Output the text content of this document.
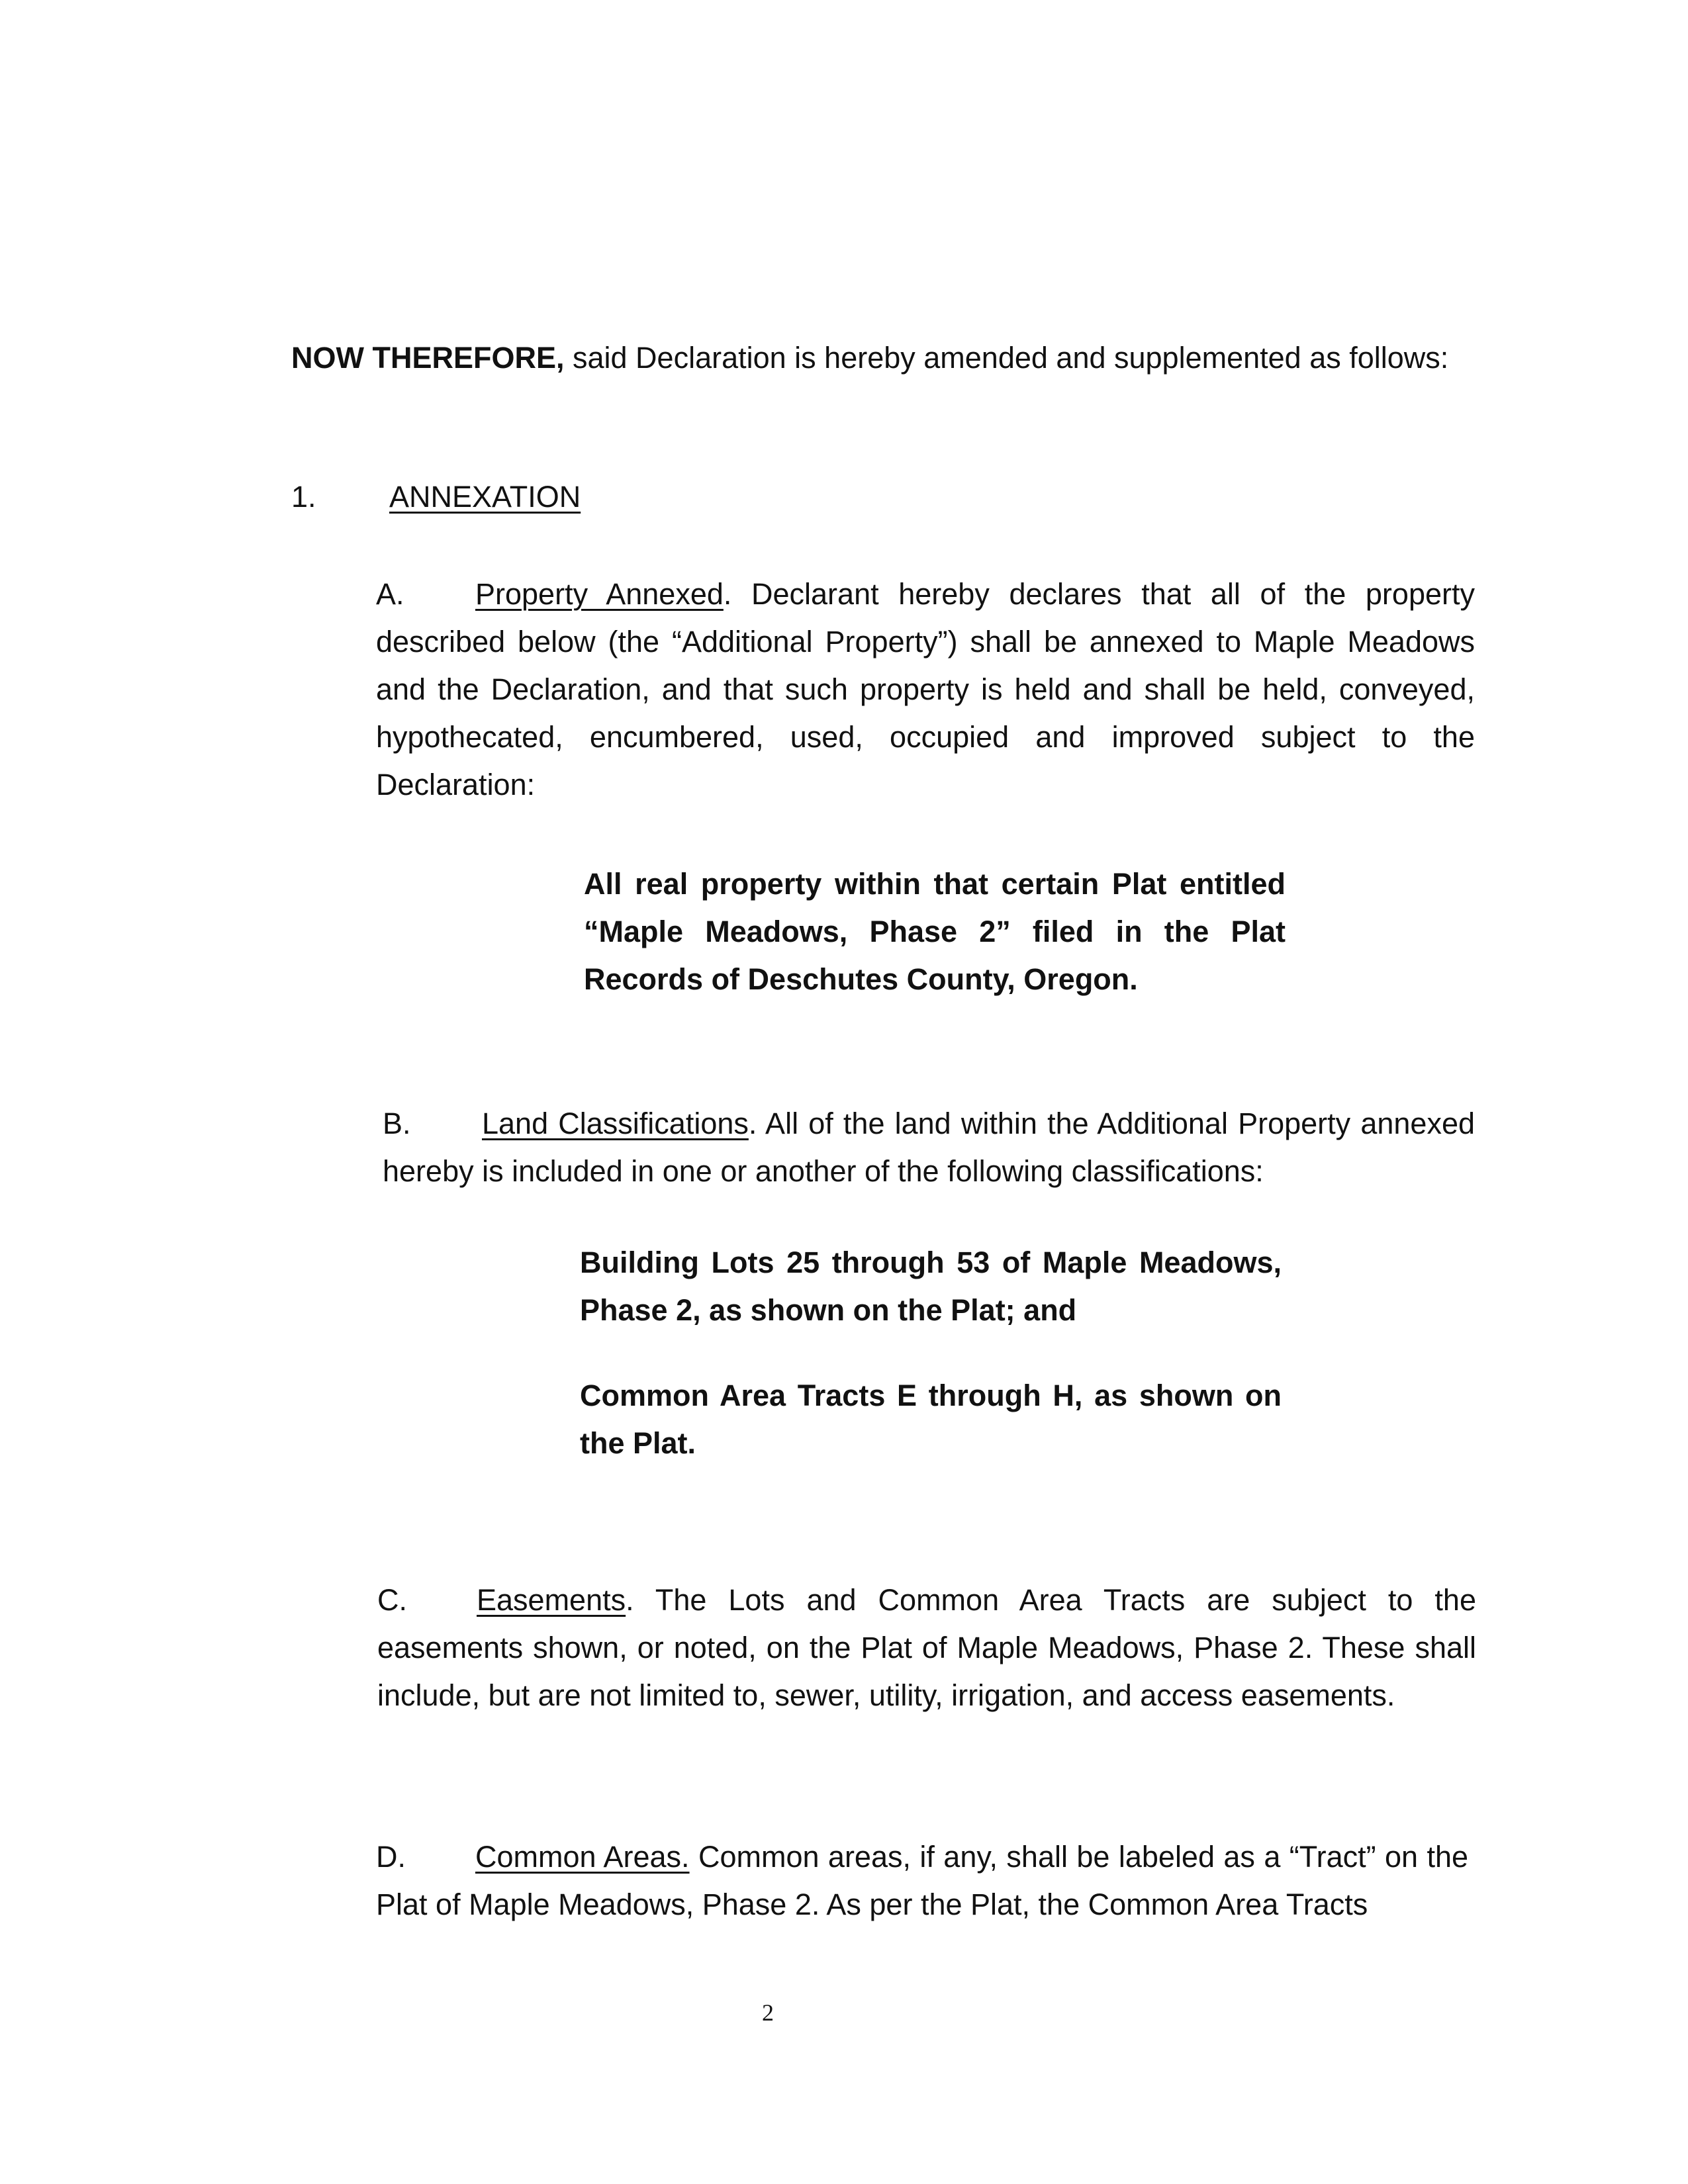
NOW THEREFORE, said Declaration is hereby amended and supplemented as follows:
1. ANNEXATION
A. Property Annexed. Declarant hereby declares that all of the property described below (the “Additional Property”) shall be annexed to Maple Meadows and the Declaration, and that such property is held and shall be held, conveyed, hypothecated, encumbered, used, occupied and improved subject to the Declaration:
All real property within that certain Plat entitled “Maple Meadows, Phase 2” filed in the Plat Records of Deschutes County, Oregon.
B. Land Classifications. All of the land within the Additional Property annexed hereby is included in one or another of the following classifications:
Building Lots 25 through 53 of Maple Meadows, Phase 2, as shown on the Plat; and
Common Area Tracts E through H, as shown on the Plat.
C. Easements. The Lots and Common Area Tracts are subject to the easements shown, or noted, on the Plat of Maple Meadows, Phase 2. These shall include, but are not limited to, sewer, utility, irrigation, and access easements.
D. Common Areas. Common areas, if any, shall be labeled as a “Tract” on the Plat of Maple Meadows, Phase 2. As per the Plat, the Common Area Tracts
2
